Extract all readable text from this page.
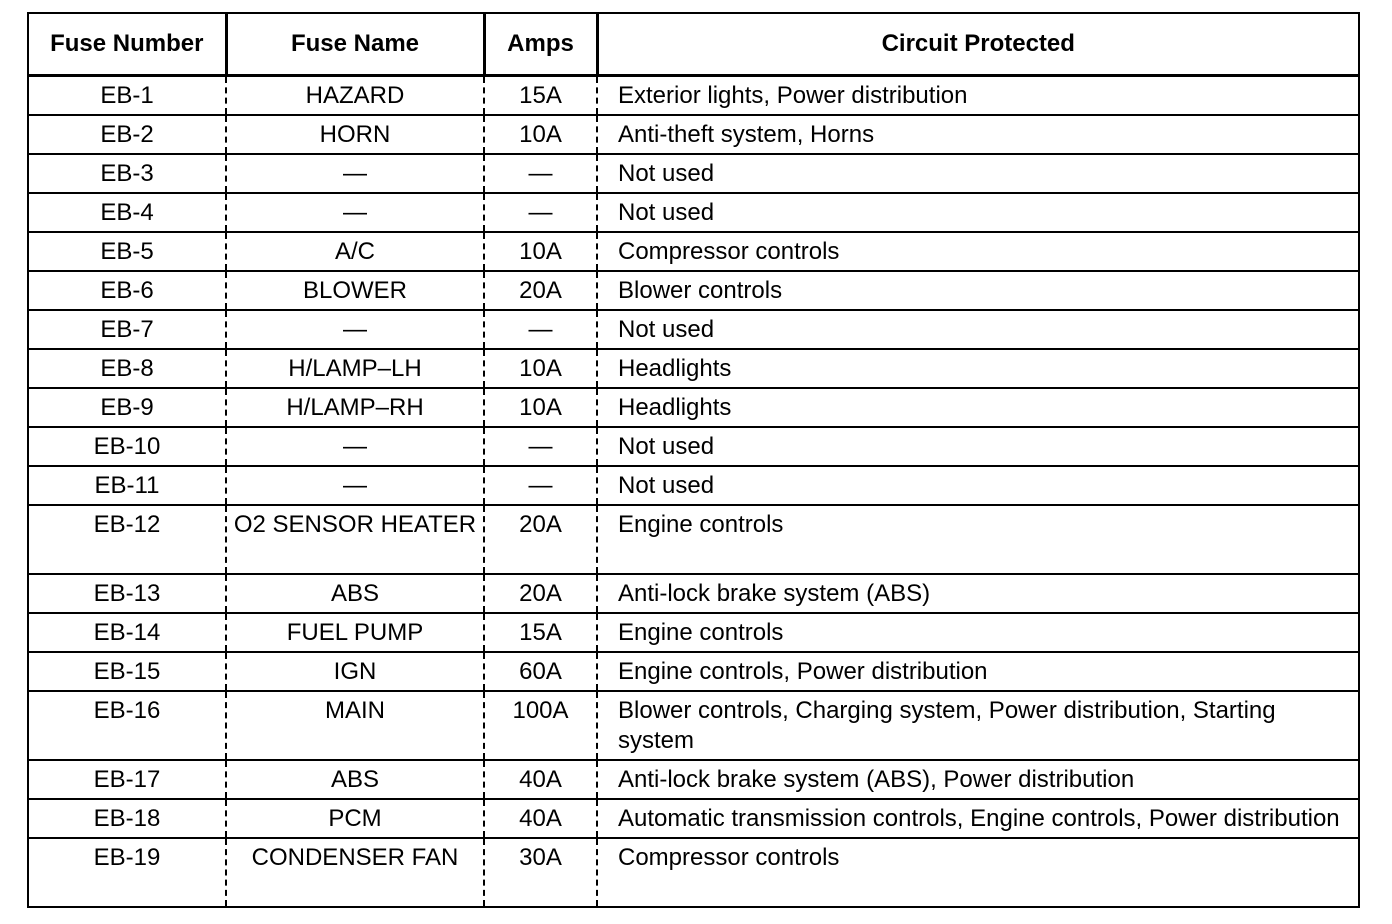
Fuse Number	Fuse Name	Amps	Circuit Protected
EB-1	HAZARD	15A	Exterior lights, Power distribution
EB-2	HORN	10A	Anti-theft system, Horns
EB-3	—	—	Not used
EB-4	—	—	Not used
EB-5	A/C	10A	Compressor controls
EB-6	BLOWER	20A	Blower controls
EB-7	—	—	Not used
EB-8	H/LAMP–LH	10A	Headlights
EB-9	H/LAMP–RH	10A	Headlights
EB-10	—	—	Not used
EB-11	—	—	Not used
EB-12	O2 SENSOR HEATER	20A	Engine controls
EB-13	ABS	20A	Anti-lock brake system (ABS)
EB-14	FUEL PUMP	15A	Engine controls
EB-15	IGN	60A	Engine controls, Power distribution
EB-16	MAIN	100A	Blower controls, Charging system, Power distribution, Starting system
EB-17	ABS	40A	Anti-lock brake system (ABS), Power distribution
EB-18	PCM	40A	Automatic transmission controls, Engine controls, Power distribution
EB-19	CONDENSER FAN	30A	Compressor controls
